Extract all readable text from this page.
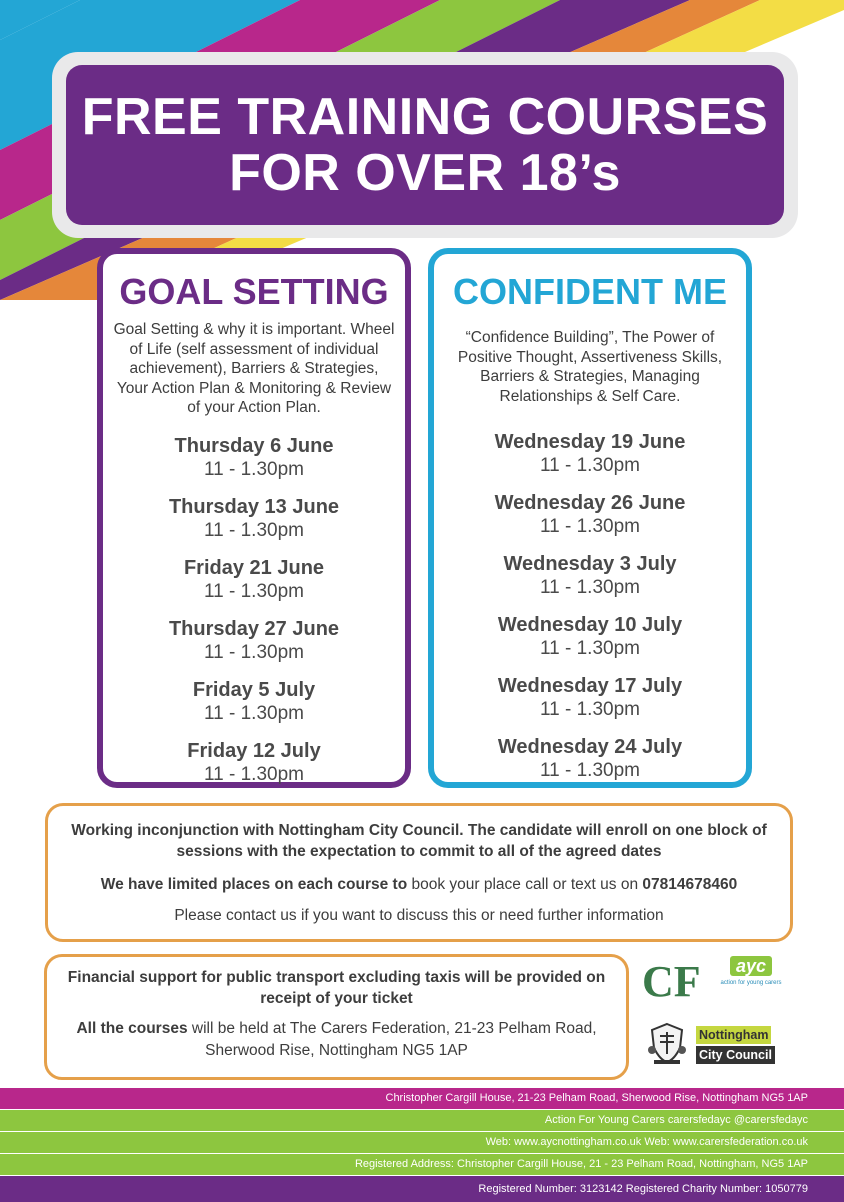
FREE TRAINING COURSES
FOR OVER 18’s
GOAL SETTING
Goal Setting & why it is important. Wheel of Life (self assessment of individual achievement), Barriers & Strategies, Your Action Plan & Monitoring & Review of your Action Plan.
Thursday 6 June
11 - 1.30pm
Thursday 13 June
11 - 1.30pm
Friday 21 June
11 - 1.30pm
Thursday 27 June
11 - 1.30pm
Friday 5 July
11 - 1.30pm
Friday 12 July
11 - 1.30pm
CONFIDENT ME
“Confidence Building”, The Power of Positive Thought, Assertiveness Skills, Barriers & Strategies, Managing Relationships & Self Care.
Wednesday 19 June
11 - 1.30pm
Wednesday 26 June
11 - 1.30pm
Wednesday 3 July
11 - 1.30pm
Wednesday 10 July
11 - 1.30pm
Wednesday 17 July
11 - 1.30pm
Wednesday 24 July
11 - 1.30pm

Working inconjunction with Nottingham City Council. The candidate will enroll on one block of sessions with the expectation to commit to all of the agreed dates

We have limited places on each course to book your place call or text us on 07814678460

Please contact us if you want to discuss this or need further information

Financial support for public transport excluding taxis will be provided on receipt of your ticket

All the courses will be held at The Carers Federation, 21-23 Pelham Road, Sherwood Rise, Nottingham NG5 1AP

CF	ayc
action for young carers
Nottingham
City Council
Christopher Cargill House, 21-23 Pelham Road, Sherwood Rise, Nottingham NG5 1AP
Action For Young Carers carersfedayc @carersfedayc
Web: www.aycnottingham.co.uk Web: www.carersfederation.co.uk
Registered Address: Christopher Cargill House, 21 - 23 Pelham Road, Nottingham, NG5 1AP
Registered Number: 3123142 Registered Charity Number: 1050779
